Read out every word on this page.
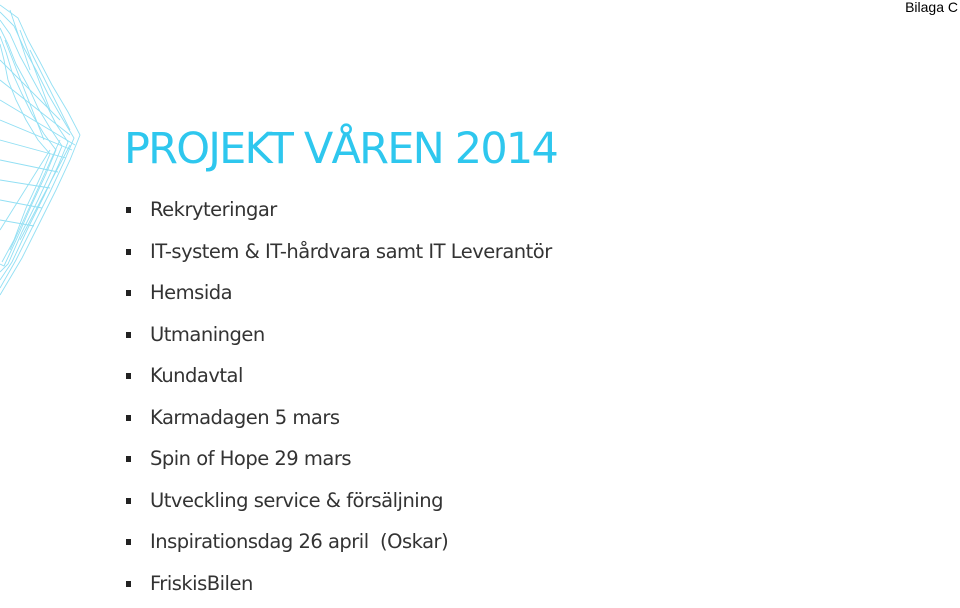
Bilaga C
PROJEKT VÅREN 2014
Rekryteringar
IT-system & IT-hårdvara samt IT Leverantör
Hemsida
Utmaningen
Kundavtal
Karmadagen 5 mars
Spin of Hope 29 mars
Utveckling service & försäljning
Inspirationsdag 26 april  (Oskar)
FriskisBilen
